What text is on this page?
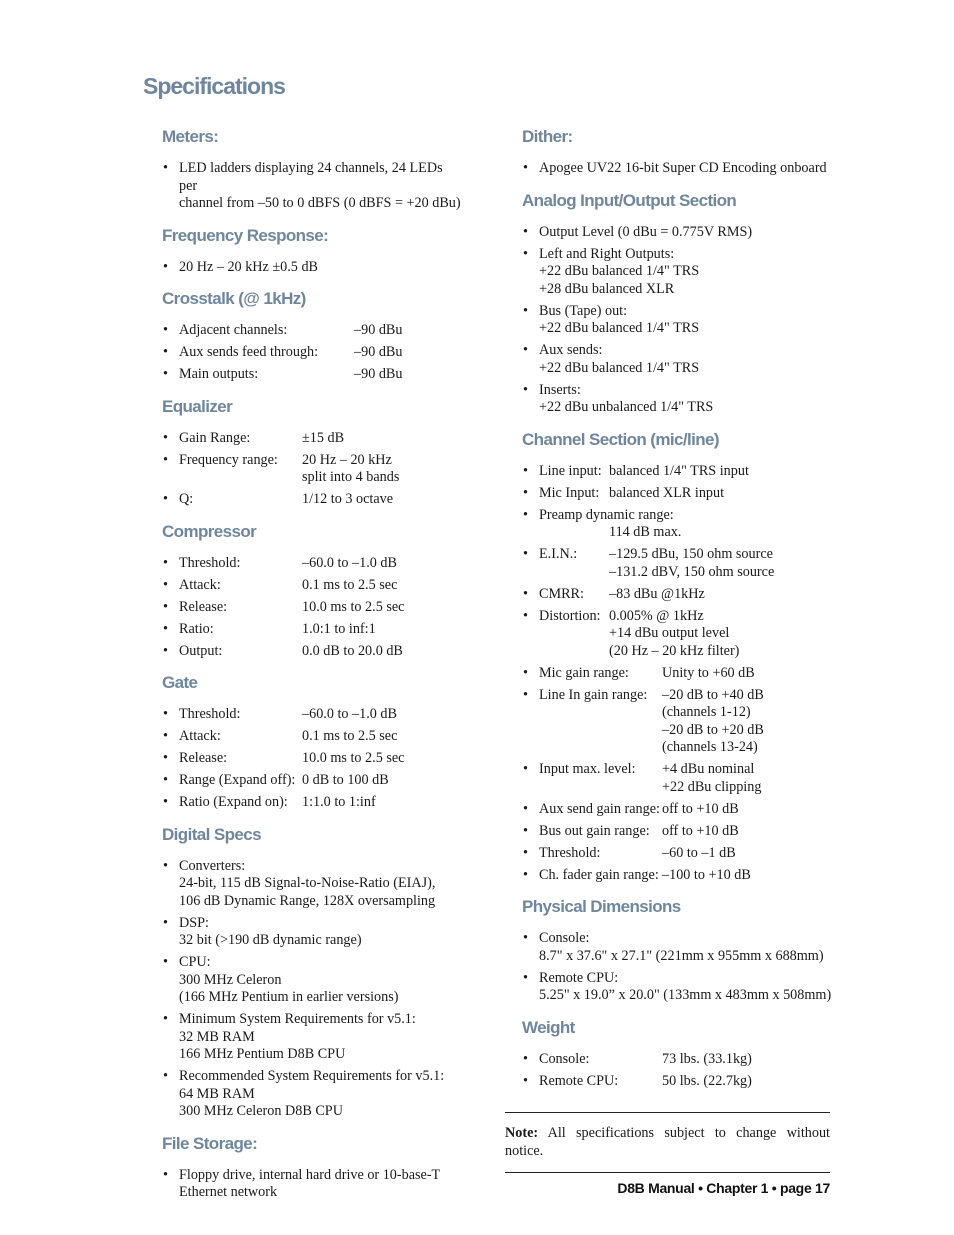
Specifications
Meters:
• LED ladders displaying 24 channels, 24 LEDs per
channel from –50 to 0 dBFS (0 dBFS = +20 dBu)
Frequency Response:
• 20 Hz – 20 kHz ±0.5 dB
Crosstalk (@ 1kHz)
• Adjacent channels:	–90 dBu
• Aux sends feed through:	–90 dBu
• Main outputs:	–90 dBu
Equalizer
• Gain Range:	±15 dB
• Frequency range:	20 Hz – 20 kHz
split into 4 bands
• Q:	1/12 to 3 octave
Compressor
• Threshold:	–60.0 to –1.0 dB
• Attack:	0.1 ms to 2.5 sec
• Release:	10.0 ms to 2.5 sec
• Ratio:	1.0:1 to inf:1
• Output:	0.0 dB to 20.0 dB
Gate
• Threshold:	–60.0 to –1.0 dB
• Attack:	0.1 ms to 2.5 sec
• Release:	10.0 ms to 2.5 sec
• Range (Expand off): 0 dB to 100 dB
• Ratio (Expand on):	1:1.0 to 1:inf
Digital Specs
• Converters:
24-bit, 115 dB Signal-to-Noise-Ratio (EIAJ),
106 dB Dynamic Range, 128X oversampling
• DSP:
32 bit (>190 dB dynamic range)
• CPU:
300 MHz Celeron
(166 MHz Pentium in earlier versions)
• Minimum System Requirements for v5.1:
32 MB RAM
166 MHz Pentium D8B CPU
• Recommended System Requirements for v5.1:
64 MB RAM
300 MHz Celeron D8B CPU
File Storage:
• Floppy drive, internal hard drive or 10-base-T
Ethernet network
Dither:
• Apogee UV22 16-bit Super CD Encoding onboard
Analog Input/Output Section
• Output Level (0 dBu = 0.775V RMS)
• Left and Right Outputs:
+22 dBu balanced 1/4" TRS
+28 dBu balanced XLR
• Bus (Tape) out:
+22 dBu balanced 1/4" TRS
• Aux sends:
+22 dBu balanced 1/4" TRS
• Inserts:
+22 dBu unbalanced 1/4" TRS
Channel Section (mic/line)
• Line input: balanced 1/4" TRS input
• Mic Input: balanced XLR input
• Preamp dynamic range:
114 dB max.
• E.I.N.:	–129.5 dBu, 150 ohm source
–131.2 dBV, 150 ohm source
• CMRR:	–83 dBu @1kHz
• Distortion: 0.005% @ 1kHz
+14 dBu output level
(20 Hz – 20 kHz filter)
• Mic gain range:	Unity to +60 dB
• Line In gain range:	–20 dB to +40 dB
(channels 1-12)
–20 dB to +20 dB
(channels 13-24)
• Input max. level:	+4 dBu nominal
+22 dBu clipping
• Aux send gain range: off to +10 dB
• Bus out gain range: off to +10 dB
• Threshold:	–60 to –1 dB
• Ch. fader gain range: –100 to +10 dB
Physical Dimensions
• Console:
8.7" x 37.6" x 27.1" (221mm x 955mm x 688mm)
• Remote CPU:
5.25" x 19.0” x 20.0" (133mm x 483mm x 508mm)
Weight
• Console:	73 lbs. (33.1kg)
• Remote CPU:	50 lbs. (22.7kg)
Note: All specifications subject to change without notice.
D8B Manual • Chapter 1 • page 17
